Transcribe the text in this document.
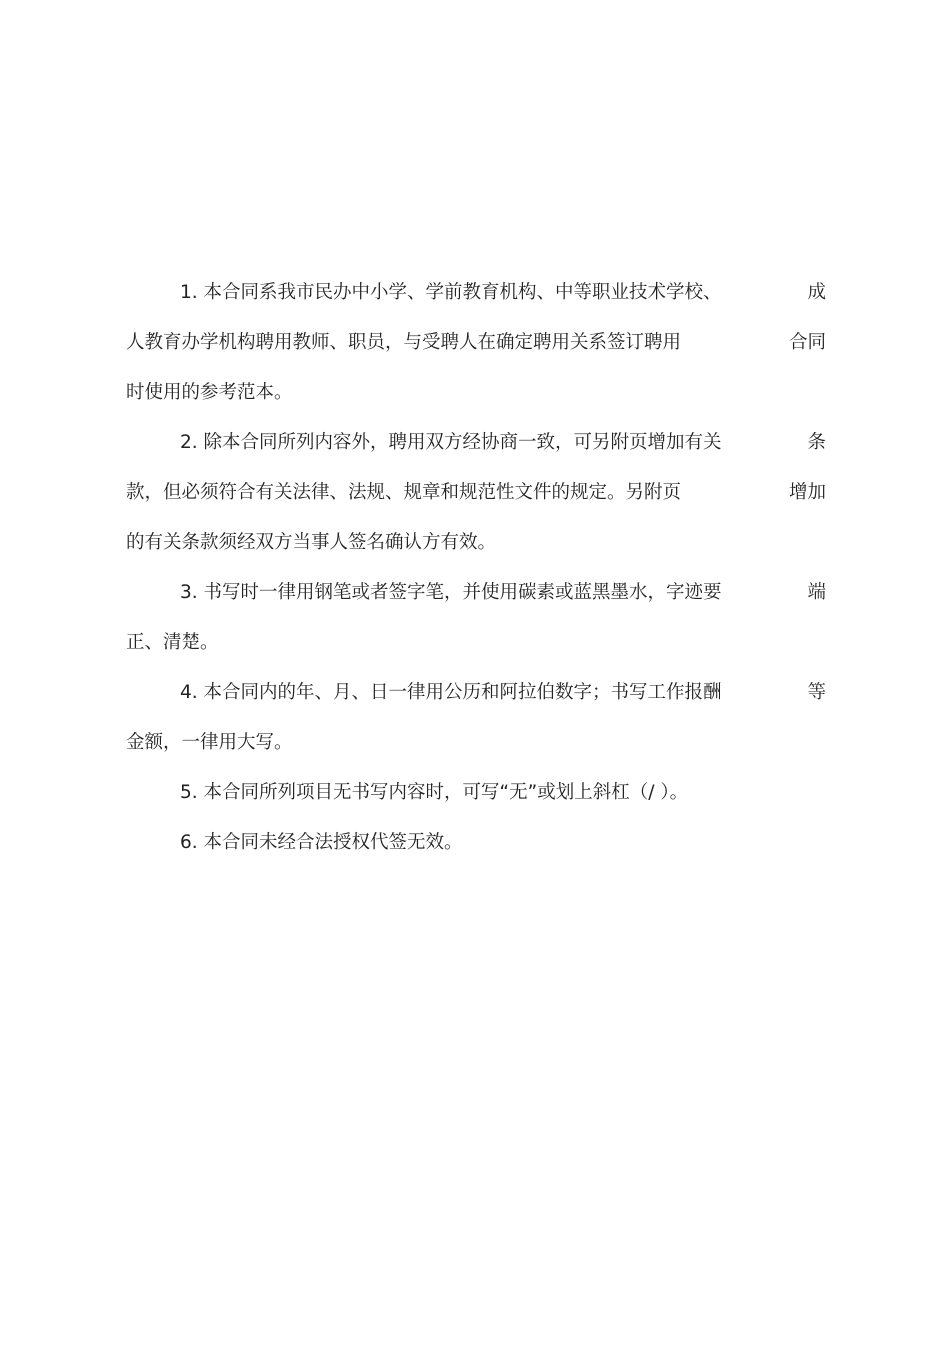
1. 本合同系我市民办中小学、学前教育机构、中等职业技术学校、	成
人教育办学机构聘用教师、职员，与受聘人在确定聘用关系签订聘用	合同
时使用的参考范本。
2. 除本合同所列内容外，聘用双方经协商一致，可另附页增加有关	条
款，但必须符合有关法律、法规、规章和规范性文件的规定。另附页	增加
的有关条款须经双方当事人签名确认方有效。
3. 书写时一律用钢笔或者签字笔，并使用碳素或蓝黑墨水，字迹要	端
正、清楚。
4. 本合同内的年、月、日一律用公历和阿拉伯数字；书写工作报酬	等
金额，一律用大写。
5. 本合同所列项目无书写内容时，可写“无”或划上斜杠（/ ）。
6. 本合同未经合法授权代签无效。
